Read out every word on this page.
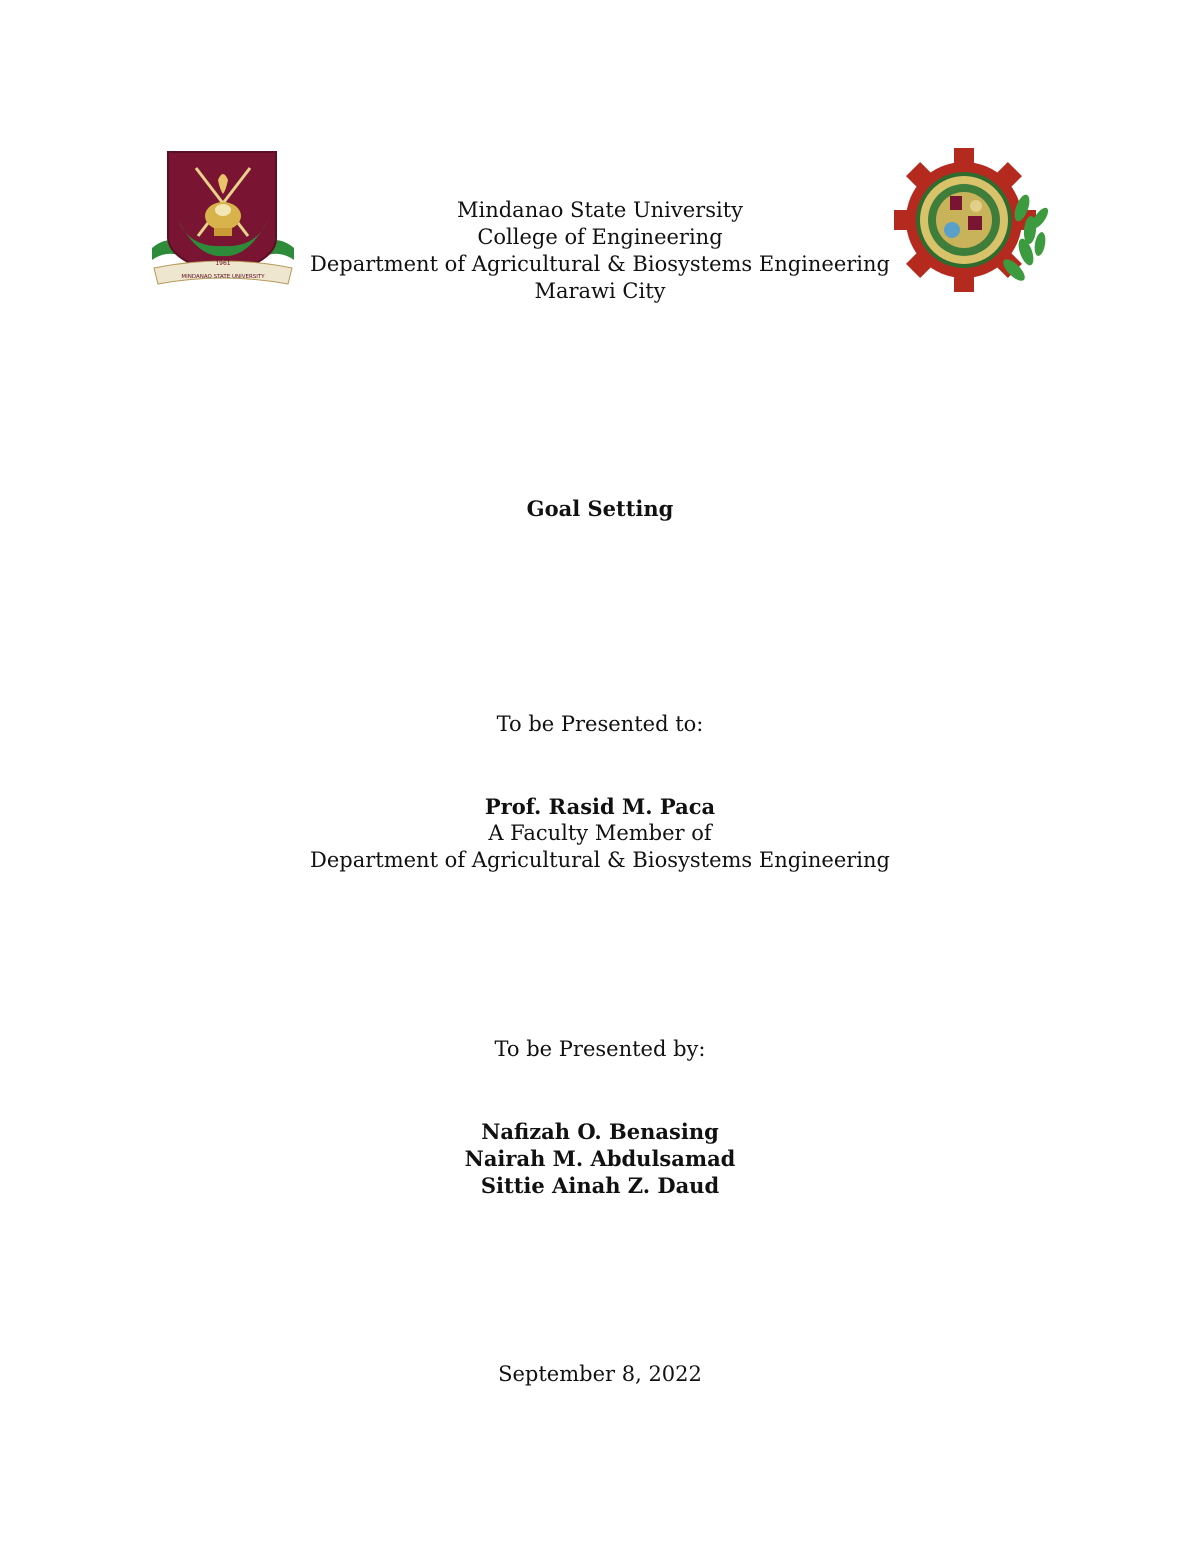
1961
MINDANAO STATE UNIVERSITY
Mindanao State University
College of Engineering
Department of Agricultural & Biosystems Engineering
Marawi City
Goal Setting
To be Presented to:
Prof. Rasid M. Paca
A Faculty Member of
Department of Agricultural & Biosystems Engineering
To be Presented by:
Nafizah O. Benasing
Nairah M. Abdulsamad
Sittie Ainah Z. Daud
September 8, 2022
